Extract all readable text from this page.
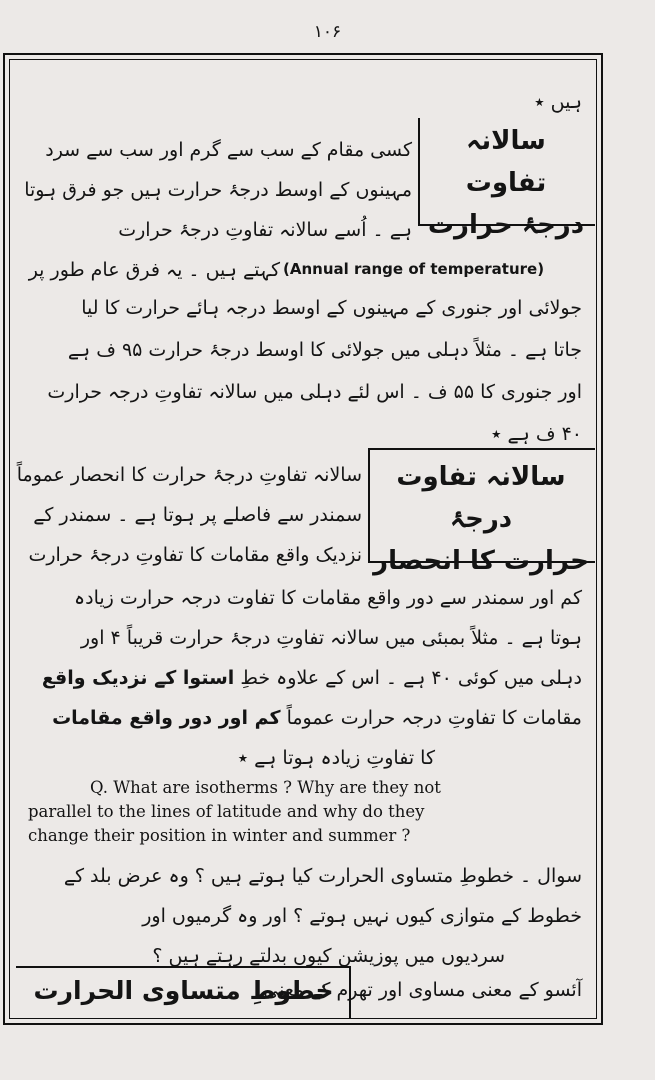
۱۰۶
سالانہ تفاوت
درجۂ حرارت
ہیں ٭
کسی مقام کے سب سے گرم اور سب سے سرد
مہینوں کے اوسط درجۂ حرارت ہیں جو فرق ہوتا
ہے ۔ اُسے سالانہ تفاوتِ درجۂ حرارت
کہتے ہیں ۔ یہ فرق عام طور پر (Annual range of temperature)
جولائی اور جنوری کے مہینوں کے اوسط درجہ ہائے حرارت کا لیا
جاتا ہے ۔ مثلاً دہلی میں جولائی کا اوسط درجۂ حرارت ۹۵ ف ہے
اور جنوری کا ۵۵ ف ۔ اس لئے دہلی میں سالانہ تفاوتِ درجہ حرارت
۴۰ ف ہے ٭
سالانہ تفاوت درجۂ
حرارت کا انحصار
سالانہ تفاوتِ درجۂ حرارت کا انحصار عموماً
سمندر سے فاصلے پر ہوتا ہے ۔ سمندر کے
نزدیک واقع مقامات کا تفاوتِ درجۂ حرارت
کم اور سمندر سے دور واقع مقامات کا تفاوت درجہ حرارت زیادہ
ہوتا ہے ۔ مثلاً بمبئی میں سالانہ تفاوتِ درجۂ حرارت قریباً ۴ اور
دہلی میں کوئی ۴۰ ہے ۔ اس کے علاوہ خطِ استوا کے نزدیک واقع
مقامات کا تفاوتِ درجہ حرارت عموماً کم اور دور واقع مقامات
کا تفاوتِ زیادہ ہوتا ہے ٭
Q. What are isotherms ? Why are they not
parallel to the lines of latitude and why do they
change their position in winter and summer ?
سوال ۔ خطوطِ متساوی الحرارت کیا ہوتے ہیں ؟ وہ عرض بلد کے
خطوط کے متوازی کیوں نہیں ہوتے ؟ اور وہ گرمیوں اور
سردیوں میں پوزیشن کیوں بدلتے رہتے ہیں ؟
خطوطِ متساوی الحرارت
آئسو کے معنی مساوی اور تھرم کے معنی
